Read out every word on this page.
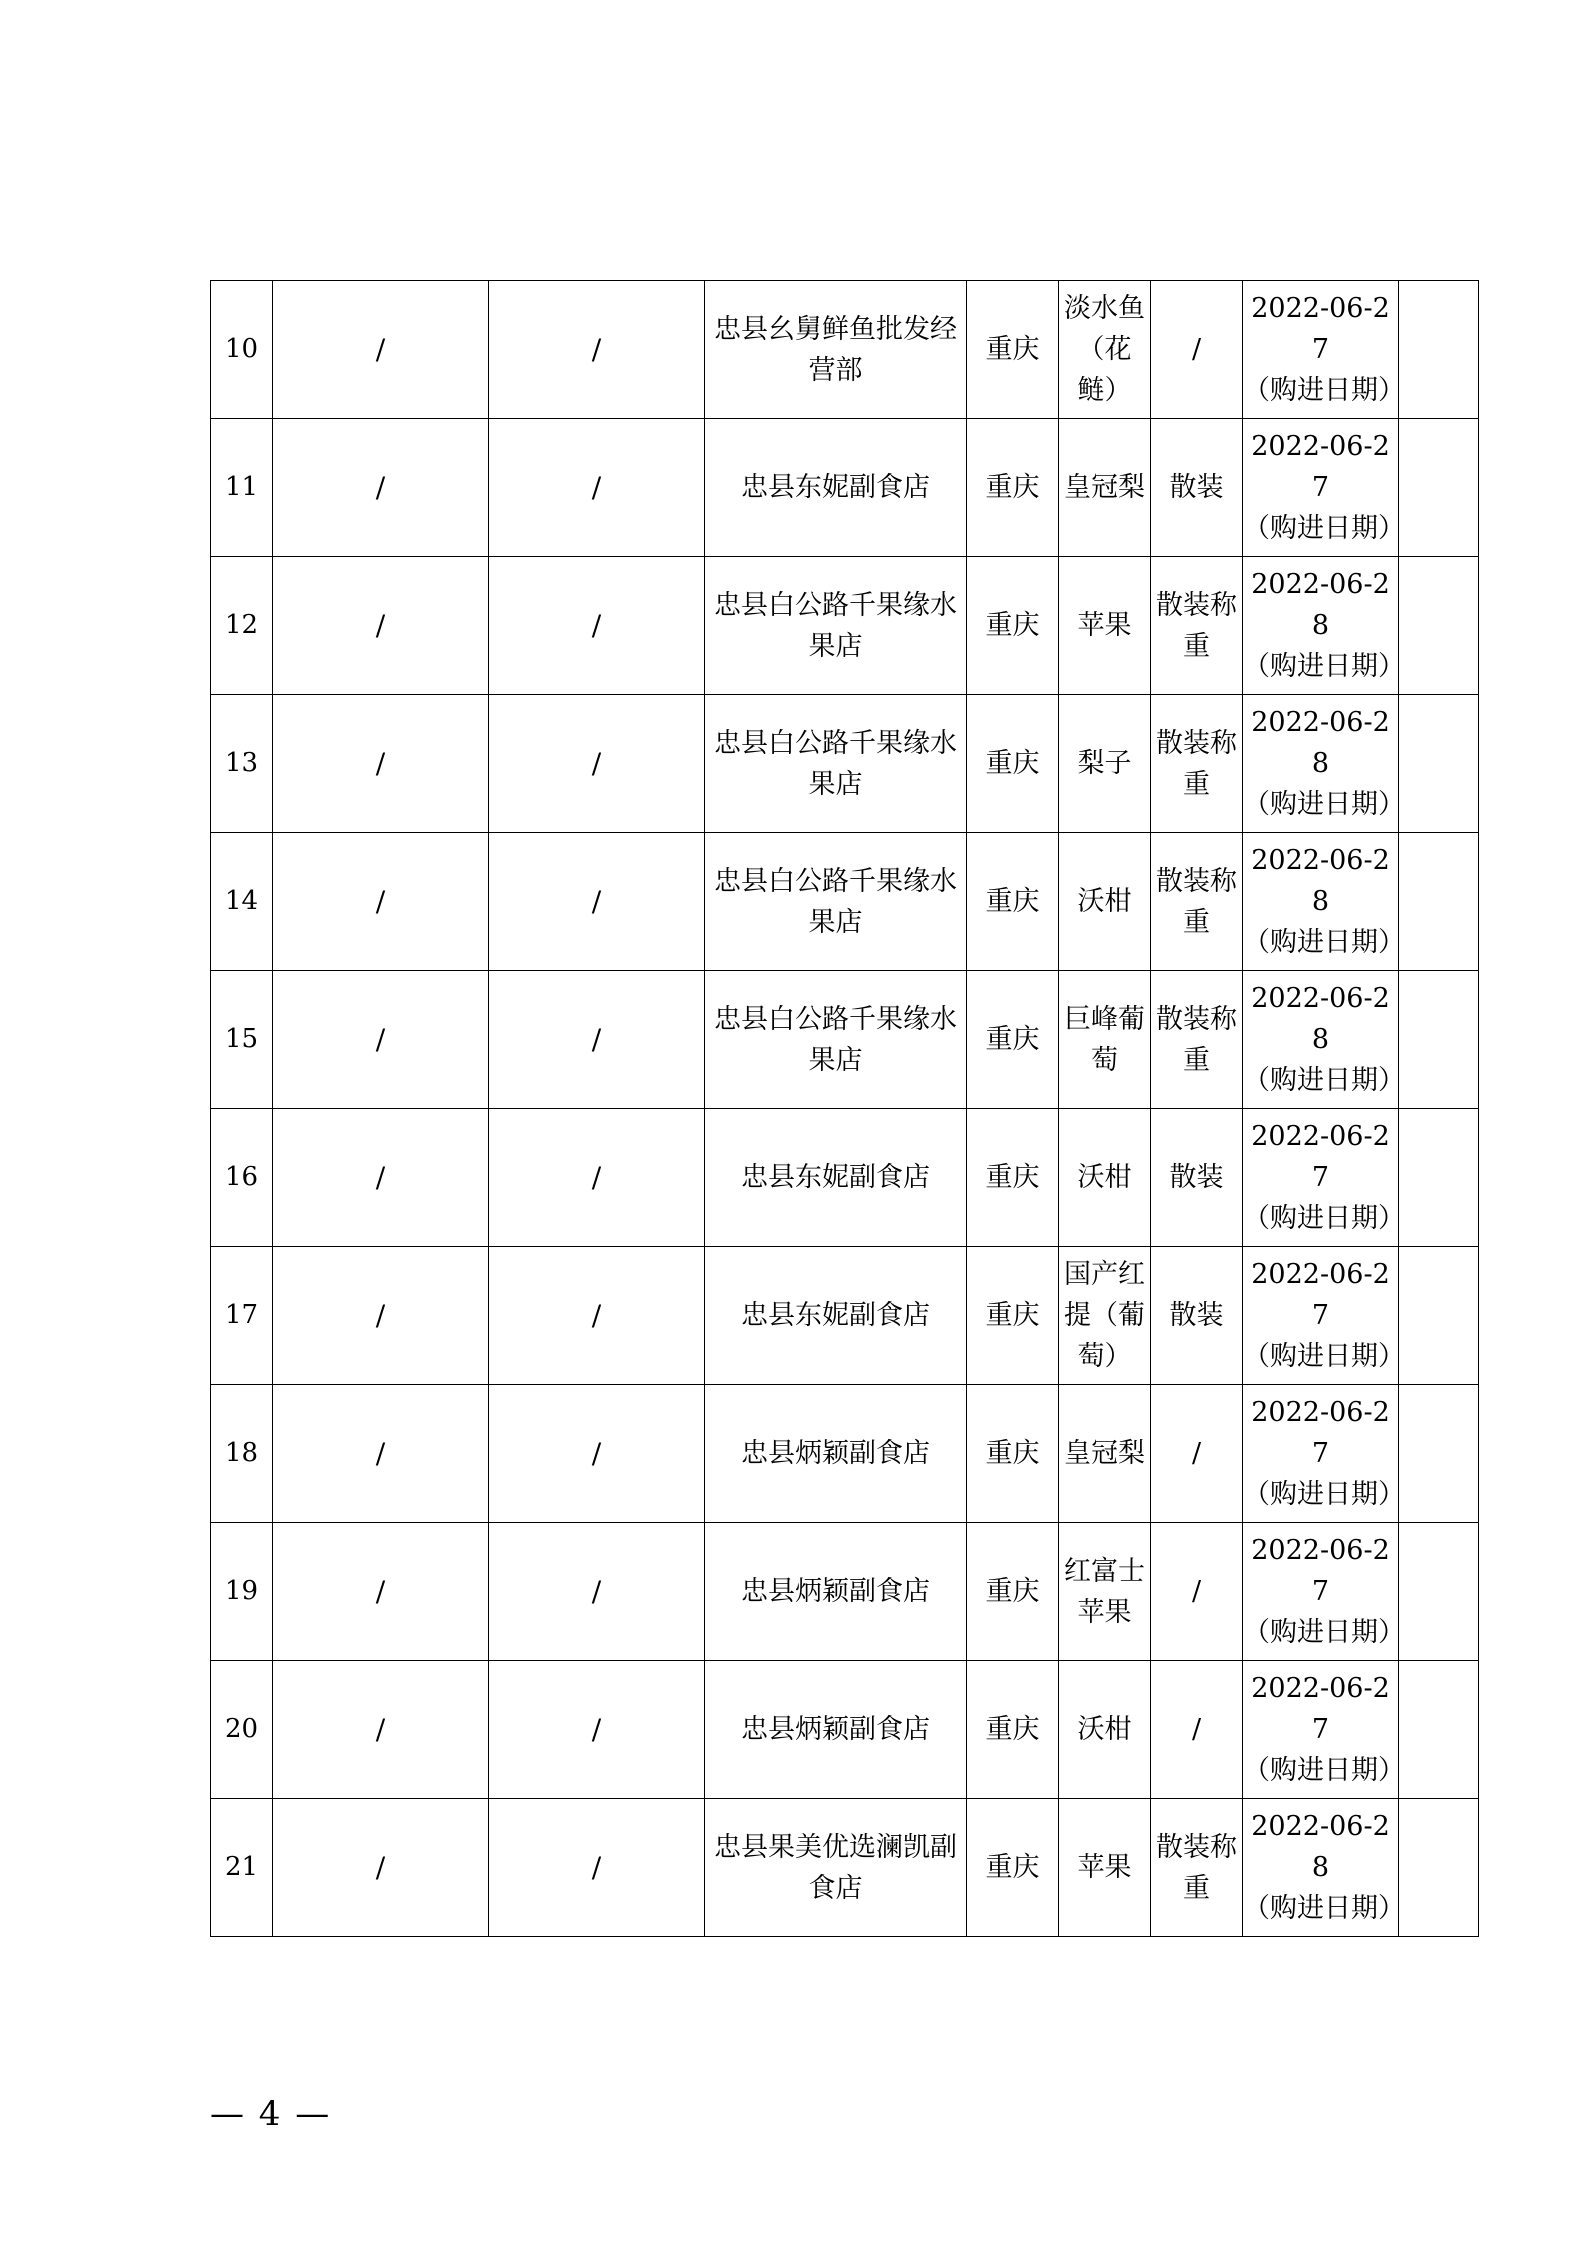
10	/	/	忠县幺舅鲜鱼批发经营部	重庆	淡水鱼（花鲢）	/	2022-06-27
（购进日期）	

11	/	/	忠县东妮副食店	重庆	皇冠梨	散装	2022-06-27
（购进日期）	

12	/	/	忠县白公路千果缘水果店	重庆	苹果	散装称重	2022-06-28
（购进日期）	

13	/	/	忠县白公路千果缘水果店	重庆	梨子	散装称重	2022-06-28
（购进日期）	

14	/	/	忠县白公路千果缘水果店	重庆	沃柑	散装称重	2022-06-28
（购进日期）	

15	/	/	忠县白公路千果缘水果店	重庆	巨峰葡萄	散装称重	2022-06-28
（购进日期）	

16	/	/	忠县东妮副食店	重庆	沃柑	散装	2022-06-27
（购进日期）	

17	/	/	忠县东妮副食店	重庆	国产红提（葡萄）	散装	2022-06-27
（购进日期）	

18	/	/	忠县炳颖副食店	重庆	皇冠梨	/	2022-06-27
（购进日期）	

19	/	/	忠县炳颖副食店	重庆	红富士苹果	/	2022-06-27
（购进日期）	

20	/	/	忠县炳颖副食店	重庆	沃柑	/	2022-06-27
（购进日期）	

21	/	/	忠县果美优选澜凯副食店	重庆	苹果	散装称重	2022-06-28
（购进日期）	

— 4 —
